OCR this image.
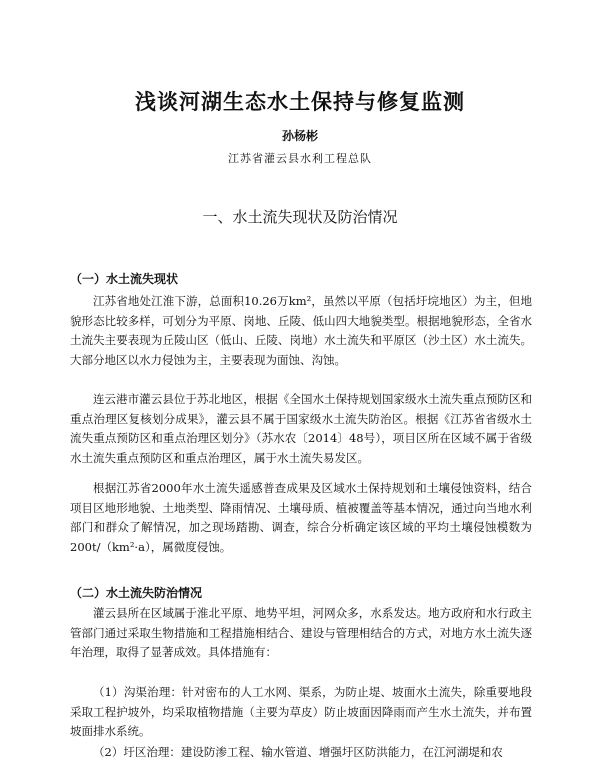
浅谈河湖生态水土保持与修复监测
孙杨彬
江苏省灌云县水利工程总队
一、水土流失现状及防治情况
（一）水土流失现状

江苏省地处江淮下游，总面积10.26万km²，虽然以平原（包括圩垸地区）为主，但地貌形态比较多样，可划分为平原、岗地、丘陵、低山四大地貌类型。根据地貌形态，全省水土流失主要表现为丘陵山区（低山、丘陵、岗地）水土流失和平原区（沙土区）水土流失。大部分地区以水力侵蚀为主，主要表现为面蚀、沟蚀。

连云港市灌云县位于苏北地区，根据《全国水土保持规划国家级水土流失重点预防区和重点治理区复核划分成果》，灌云县不属于国家级水土流失防治区。根据《江苏省省级水土流失重点预防区和重点治理区划分》（苏水农〔2014〕48号），项目区所在区域不属于省级水土流失重点预防区和重点治理区，属于水土流失易发区。

根据江苏省2000年水土流失遥感普查成果及区域水土保持规划和土壤侵蚀资料，结合项目区地形地貌、土地类型、降雨情况、土壤母质、植被覆盖等基本情况，通过向当地水利部门和群众了解情况，加之现场踏勘、调查，综合分析确定该区域的平均土壤侵蚀模数为200t/（km²·a），属微度侵蚀。

（二）水土流失防治情况

灌云县所在区域属于淮北平原、地势平坦，河网众多，水系发达。地方政府和水行政主管部门通过采取生物措施和工程措施相结合、建设与管理相结合的方式，对地方水土流失逐年治理，取得了显著成效。具体措施有：

（1）沟渠治理：针对密布的人工水网、渠系，为防止堤、坡面水土流失，除重要地段采取工程护坡外，均采取植物措施（主要为草皮）防止坡面因降雨而产生水土流失，并布置坡面排水系统。

（2）圩区治理：建设防渗工程、输水管道、增强圩区防洪能力，在江河湖堤和农
